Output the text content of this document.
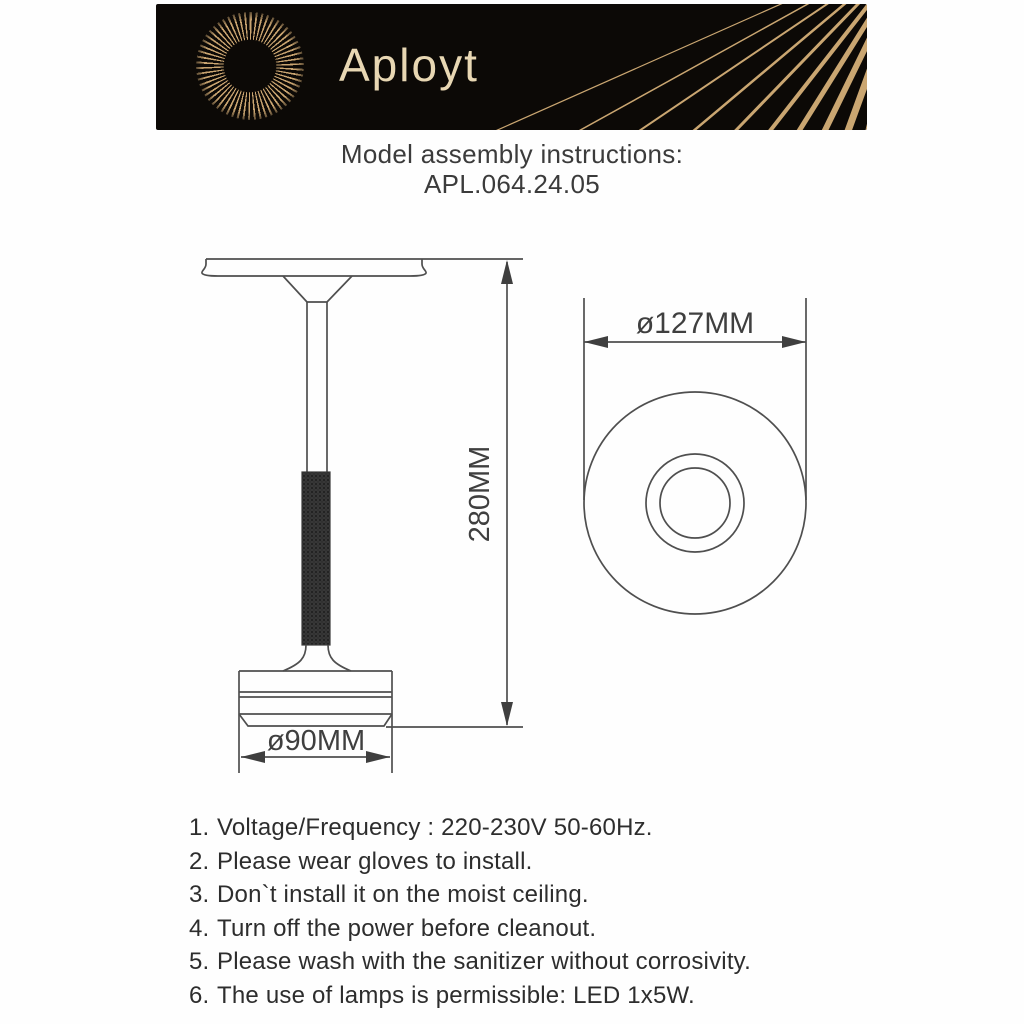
Aployt
Model assembly instructions:
APL.064.24.05
280MM
ø90MM
ø127MM
1. Voltage/Frequency : 220-230V 50-60Hz.
2. Please wear gloves to install.
3. Don`t install it on the moist ceiling.
4. Turn off the power before cleanout.
5. Please wash with the sanitizer without corrosivity.
6. The use of lamps is permissible: LED 1x5W.
